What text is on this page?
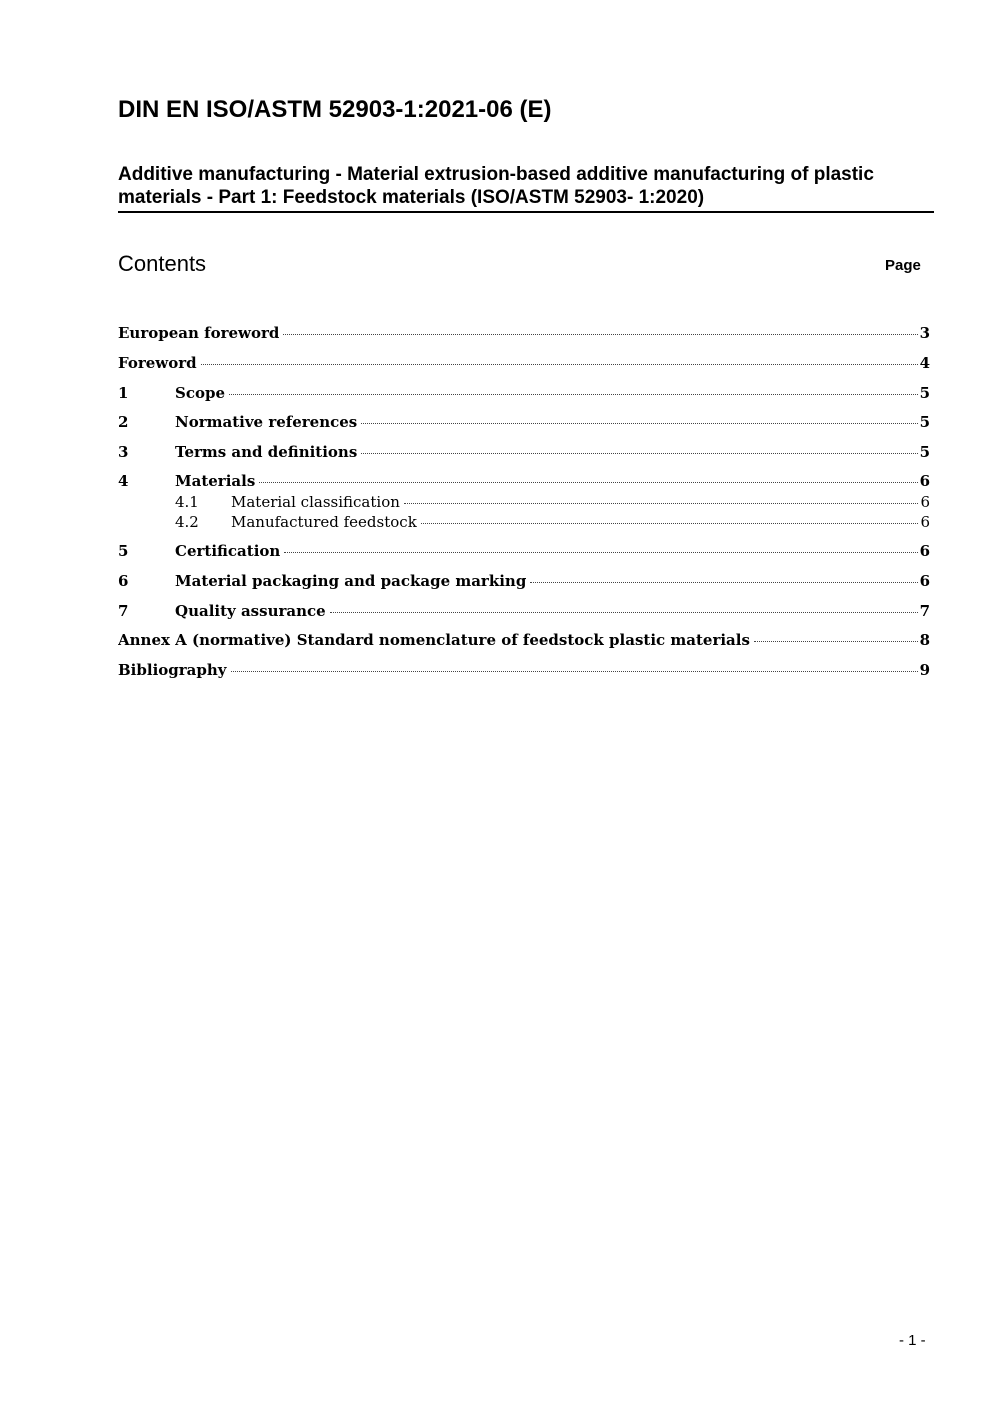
DIN EN ISO/ASTM 52903-1:2021-06 (E)
Additive manufacturing - Material extrusion-based additive manufacturing of plastic
materials - Part 1: Feedstock materials (ISO/ASTM 52903- 1:2020)
Contents	Page
European foreword	3
Foreword	4
1	Scope	5
2	Normative references	5
3	Terms and definitions	5
4	Materials	6
4.1	Material classification	6
4.2	Manufactured feedstock	6
5	Certification	6
6	Material packaging and package marking	6
7	Quality assurance	7
Annex A (normative) Standard nomenclature of feedstock plastic materials	8
Bibliography	9
- 1 -
